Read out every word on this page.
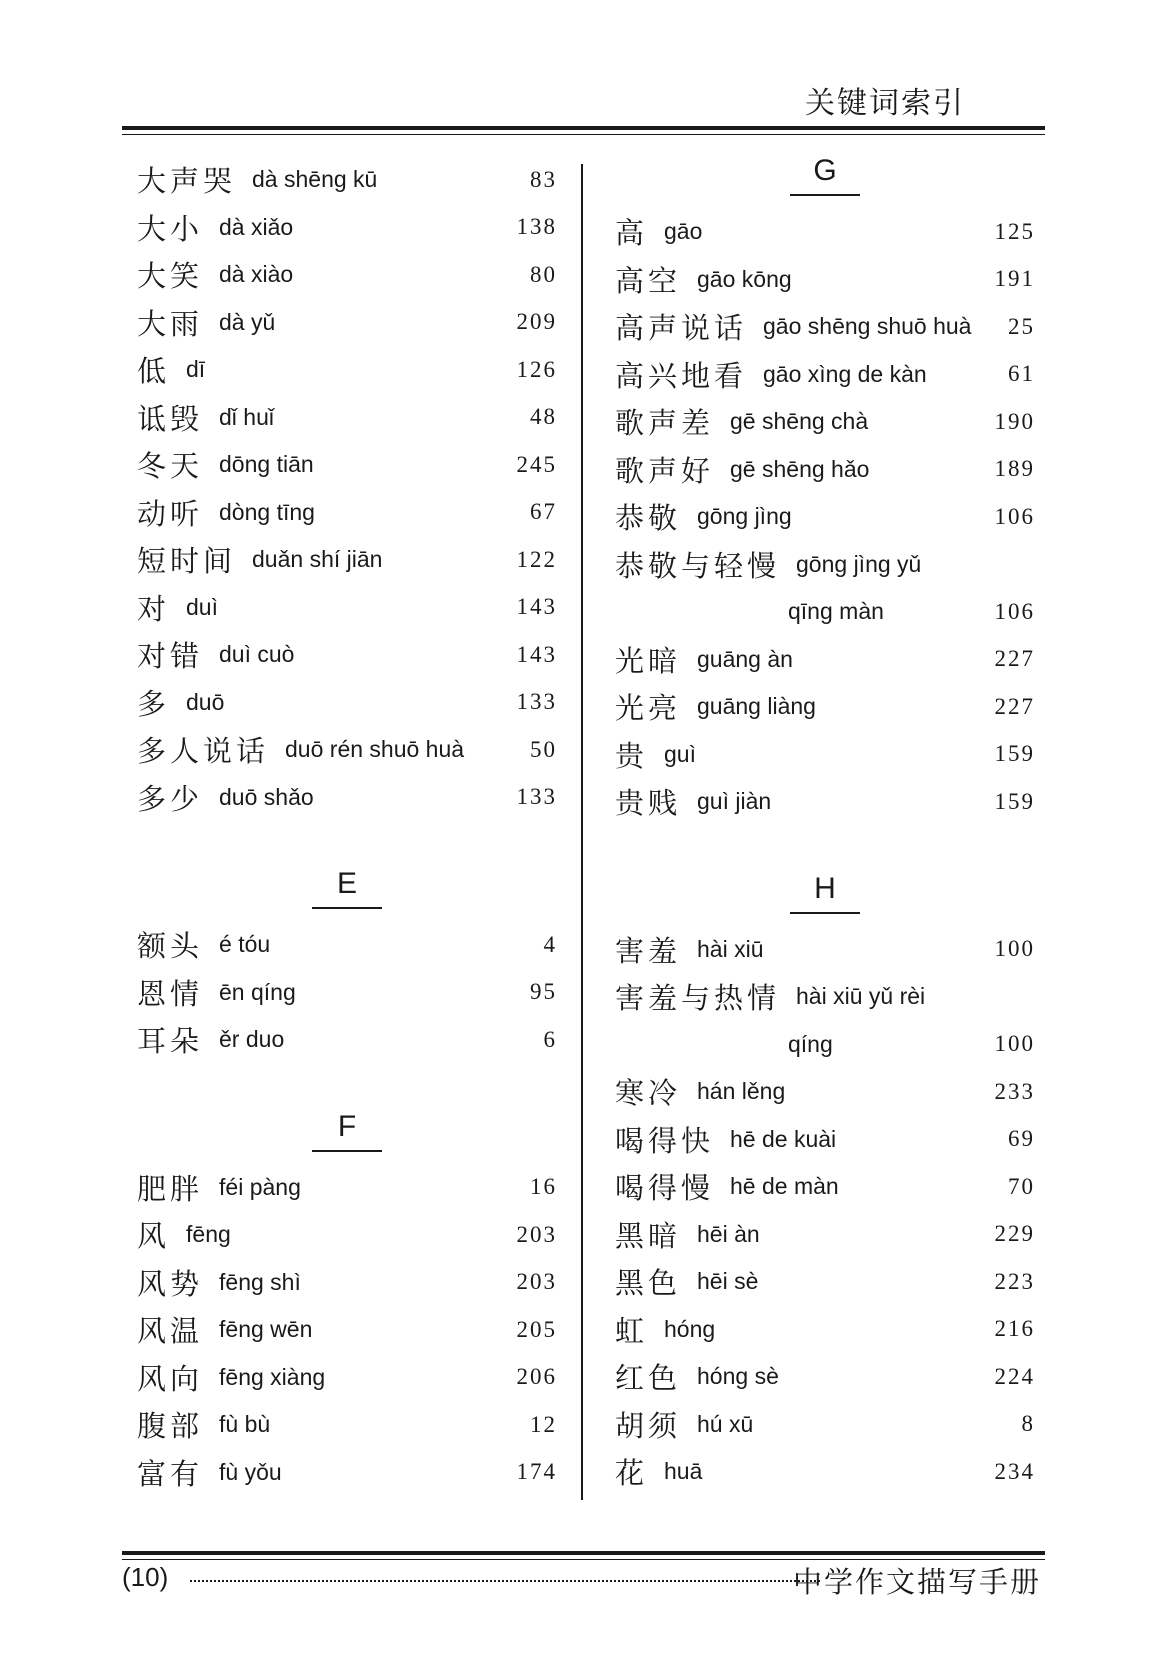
关键词索引
大声哭 dà shēng kū	83
大小 dà xiǎo	138
大笑 dà xiào	80
大雨 dà yǔ	209
低 dī	126
诋毁 dǐ huǐ	48
冬天 dōng tiān	245
动听 dòng tīng	67
短时间 duǎn shí jiān	122
对 duì	143
对错 duì cuò	143
多 duō	133
多人说话 duō rén shuō huà	50
多少 duō shǎo	133
E
额头 é tóu	4
恩情 ēn qíng	95
耳朵 ěr duo	6
F
肥胖 féi pàng	16
风 fēng	203
风势 fēng shì	203
风温 fēng wēn	205
风向 fēng xiàng	206
腹部 fù bù	12
富有 fù yǒu	174
G
高 gāo	125
高空 gāo kōng	191
高声说话 gāo shēng shuō huà 25
高兴地看 gāo xìng de kàn	61
歌声差 gē shēng chà	190
歌声好 gē shēng hǎo	189
恭敬 gōng jìng	106
恭敬与轻慢 gōng jìng yǔ
qīng màn	106
光暗 guāng àn	227
光亮 guāng liàng	227
贵 guì	159
贵贱 guì jiàn	159
H
害羞 hài xiū	100
害羞与热情 hài xiū yǔ rèi
qíng	100
寒冷 hán lěng	233
喝得快 hē de kuài	69
喝得慢 hē de màn	70
黑暗 hēi àn	229
黑色 hēi sè	223
虹 hóng	216
红色 hóng sè	224
胡须 hú xū	8
花 huā	234
(10)	中学作文描写手册
